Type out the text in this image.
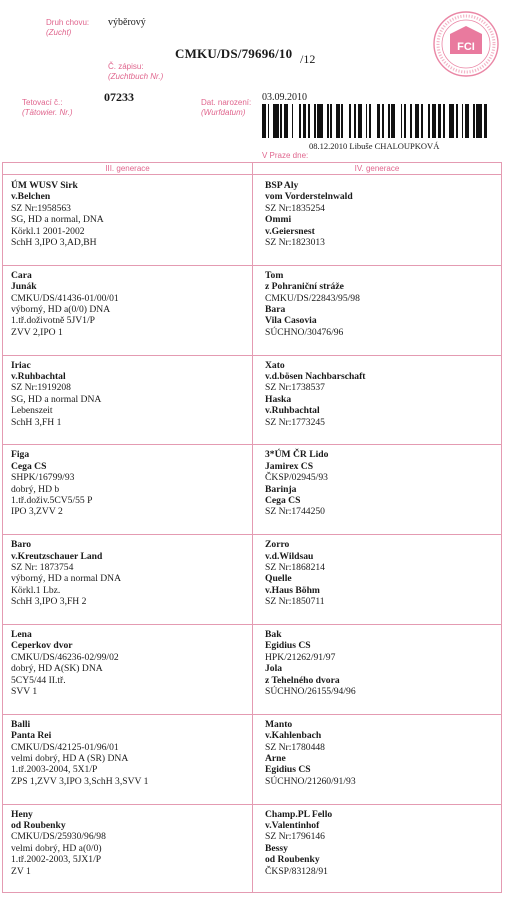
Druh chovu:
(Zucht)
výběrový
Č. zápisu:
(Zuchtbuch Nr.)
CMKU/DS/79696/10 /12
Tetovací č.:
(Tätowier. Nr.)
07233	Dat. narození:
(Wurfdatum)
03.09.2010
08.12.2010 Libuše CHALOUPKOVÁ
V Praze dne:
FCI
III. generace	IV. generace
ÚM WUSV Sirk
v.Belchen
SZ Nr:1958563
SG, HD a normal, DNA
Körkl.1 2001-2002
SchH 3,IPO 3,AD,BH
BSP Aly
vom Vorderstelnwald
SZ Nr:1835254
Ommi
v.Geiersnest
SZ Nr:1823013
Cara
Junák
CMKU/DS/41436-01/00/01
výborný, HD a(0/0) DNA
1.tř.doživotně 5JV1/P
ZVV 2,IPO 1
Tom
z Pohraniční stráže
CMKU/DS/22843/95/98
Bara
Vila Casovia
SÚCHNO/30476/96
Iriac
v.Ruhbachtal
SZ Nr:1919208
SG, HD a normal DNA
Lebenszeit
SchH 3,FH 1
Xato
v.d.bösen Nachbarschaft
SZ Nr:1738537
Haska
v.Ruhbachtal
SZ Nr:1773245
Figa
Cega CS
SHPK/16799/93
dobrý, HD b
1.tř.doživ.5CV5/55 P
IPO 3,ZVV 2
3*ÚM ČR Lido
Jamirex CS
ČKSP/02945/93
Barinja
Cega CS
SZ Nr:1744250
Baro
v.Kreutzschauer Land
SZ Nr: 1873754
výborný, HD a normal DNA
Körkl.1 Lbz.
SchH 3,IPO 3,FH 2
Zorro
v.d.Wildsau
SZ Nr:1868214
Quelle
v.Haus Böhm
SZ Nr:1850711
Lena
Ceperkov dvor
CMKU/DS/46236-02/99/02
dobrý, HD A(SK) DNA
5CY5/44 II.tř.
SVV 1
Bak
Egidius CS
HPK/21262/91/97
Jola
z Tehelného dvora
SÚCHNO/26155/94/96
Balli
Panta Rei
CMKU/DS/42125-01/96/01
velmi dobrý, HD A (SR) DNA
1.tř.2003-2004, 5X1/P
ZPS 1,ZVV 3,IPO 3,SchH 3,SVV 1
Manto
v.Kahlenbach
SZ Nr:1780448
Arne
Egidius CS
SÚCHNO/21260/91/93
Heny
od Roubenky
CMKU/DS/25930/96/98
velmi dobrý, HD a(0/0)
1.tř.2002-2003, 5JX1/P
ZV 1
Champ.PL Fello
v.Valentinhof
SZ Nr:1796146
Bessy
od Roubenky
ČKSP/83128/91
